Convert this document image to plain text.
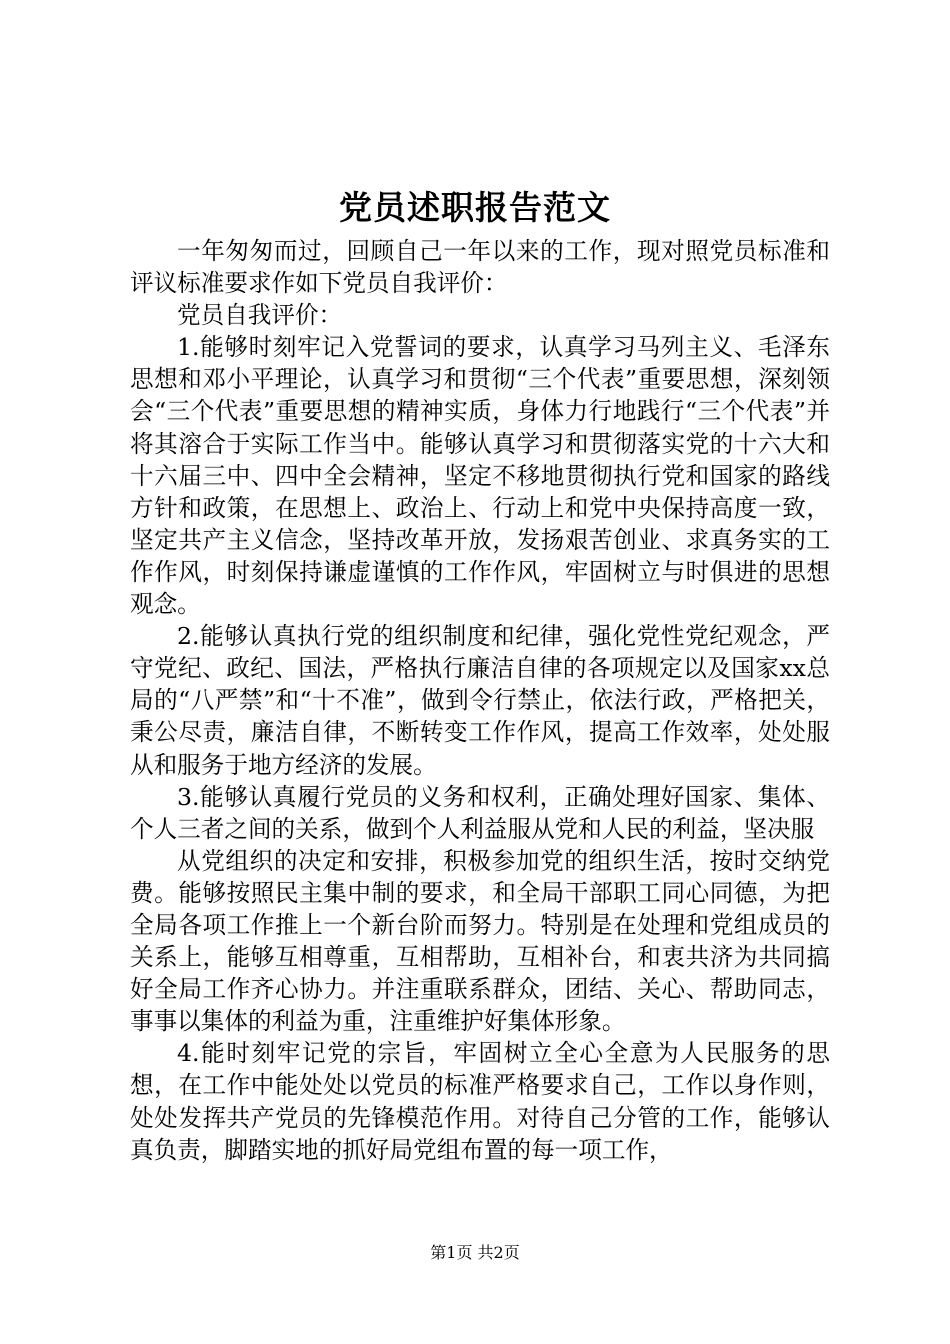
党员述职报告范文

一年匆匆而过，回顾自己一年以来的工作，现对照党员标准和评议标准要求作如下党员自我评价：

党员自我评价：

1.能够时刻牢记入党誓词的要求，认真学习马列主义、毛泽东思想和邓小平理论，认真学习和贯彻“三个代表”重要思想，深刻领会“三个代表”重要思想的精神实质，身体力行地践行“三个代表”并将其溶合于实际工作当中。能够认真学习和贯彻落实党的十六大和十六届三中、四中全会精神，坚定不移地贯彻执行党和国家的路线方针和政策，在思想上、政治上、行动上和党中央保持高度一致，坚定共产主义信念，坚持改革开放，发扬艰苦创业、求真务实的工作作风，时刻保持谦虚谨慎的工作作风，牢固树立与时俱进的思想观念。

2.能够认真执行党的组织制度和纪律，强化党性党纪观念，严守党纪、政纪、国法，严格执行廉洁自律的各项规定以及国家xx总局的“八严禁”和“十不准”，做到令行禁止，依法行政，严格把关，秉公尽责，廉洁自律，不断转变工作作风，提高工作效率，处处服从和服务于地方经济的发展。

3.能够认真履行党员的义务和权利，正确处理好国家、集体、个人三者之间的关系，做到个人利益服从党和人民的利益，坚决服

从党组织的决定和安排，积极参加党的组织生活，按时交纳党费。能够按照民主集中制的要求，和全局干部职工同心同德，为把全局各项工作推上一个新台阶而努力。特别是在处理和党组成员的关系上，能够互相尊重，互相帮助，互相补台，和衷共济为共同搞好全局工作齐心协力。并注重联系群众，团结、关心、帮助同志，事事以集体的利益为重，注重维护好集体形象。

4.能时刻牢记党的宗旨，牢固树立全心全意为人民服务的思想，在工作中能处处以党员的标准严格要求自己，工作以身作则，处处发挥共产党员的先锋模范作用。对待自己分管的工作，能够认真负责，脚踏实地的抓好局党组布置的每一项工作，

第1页 共2页
